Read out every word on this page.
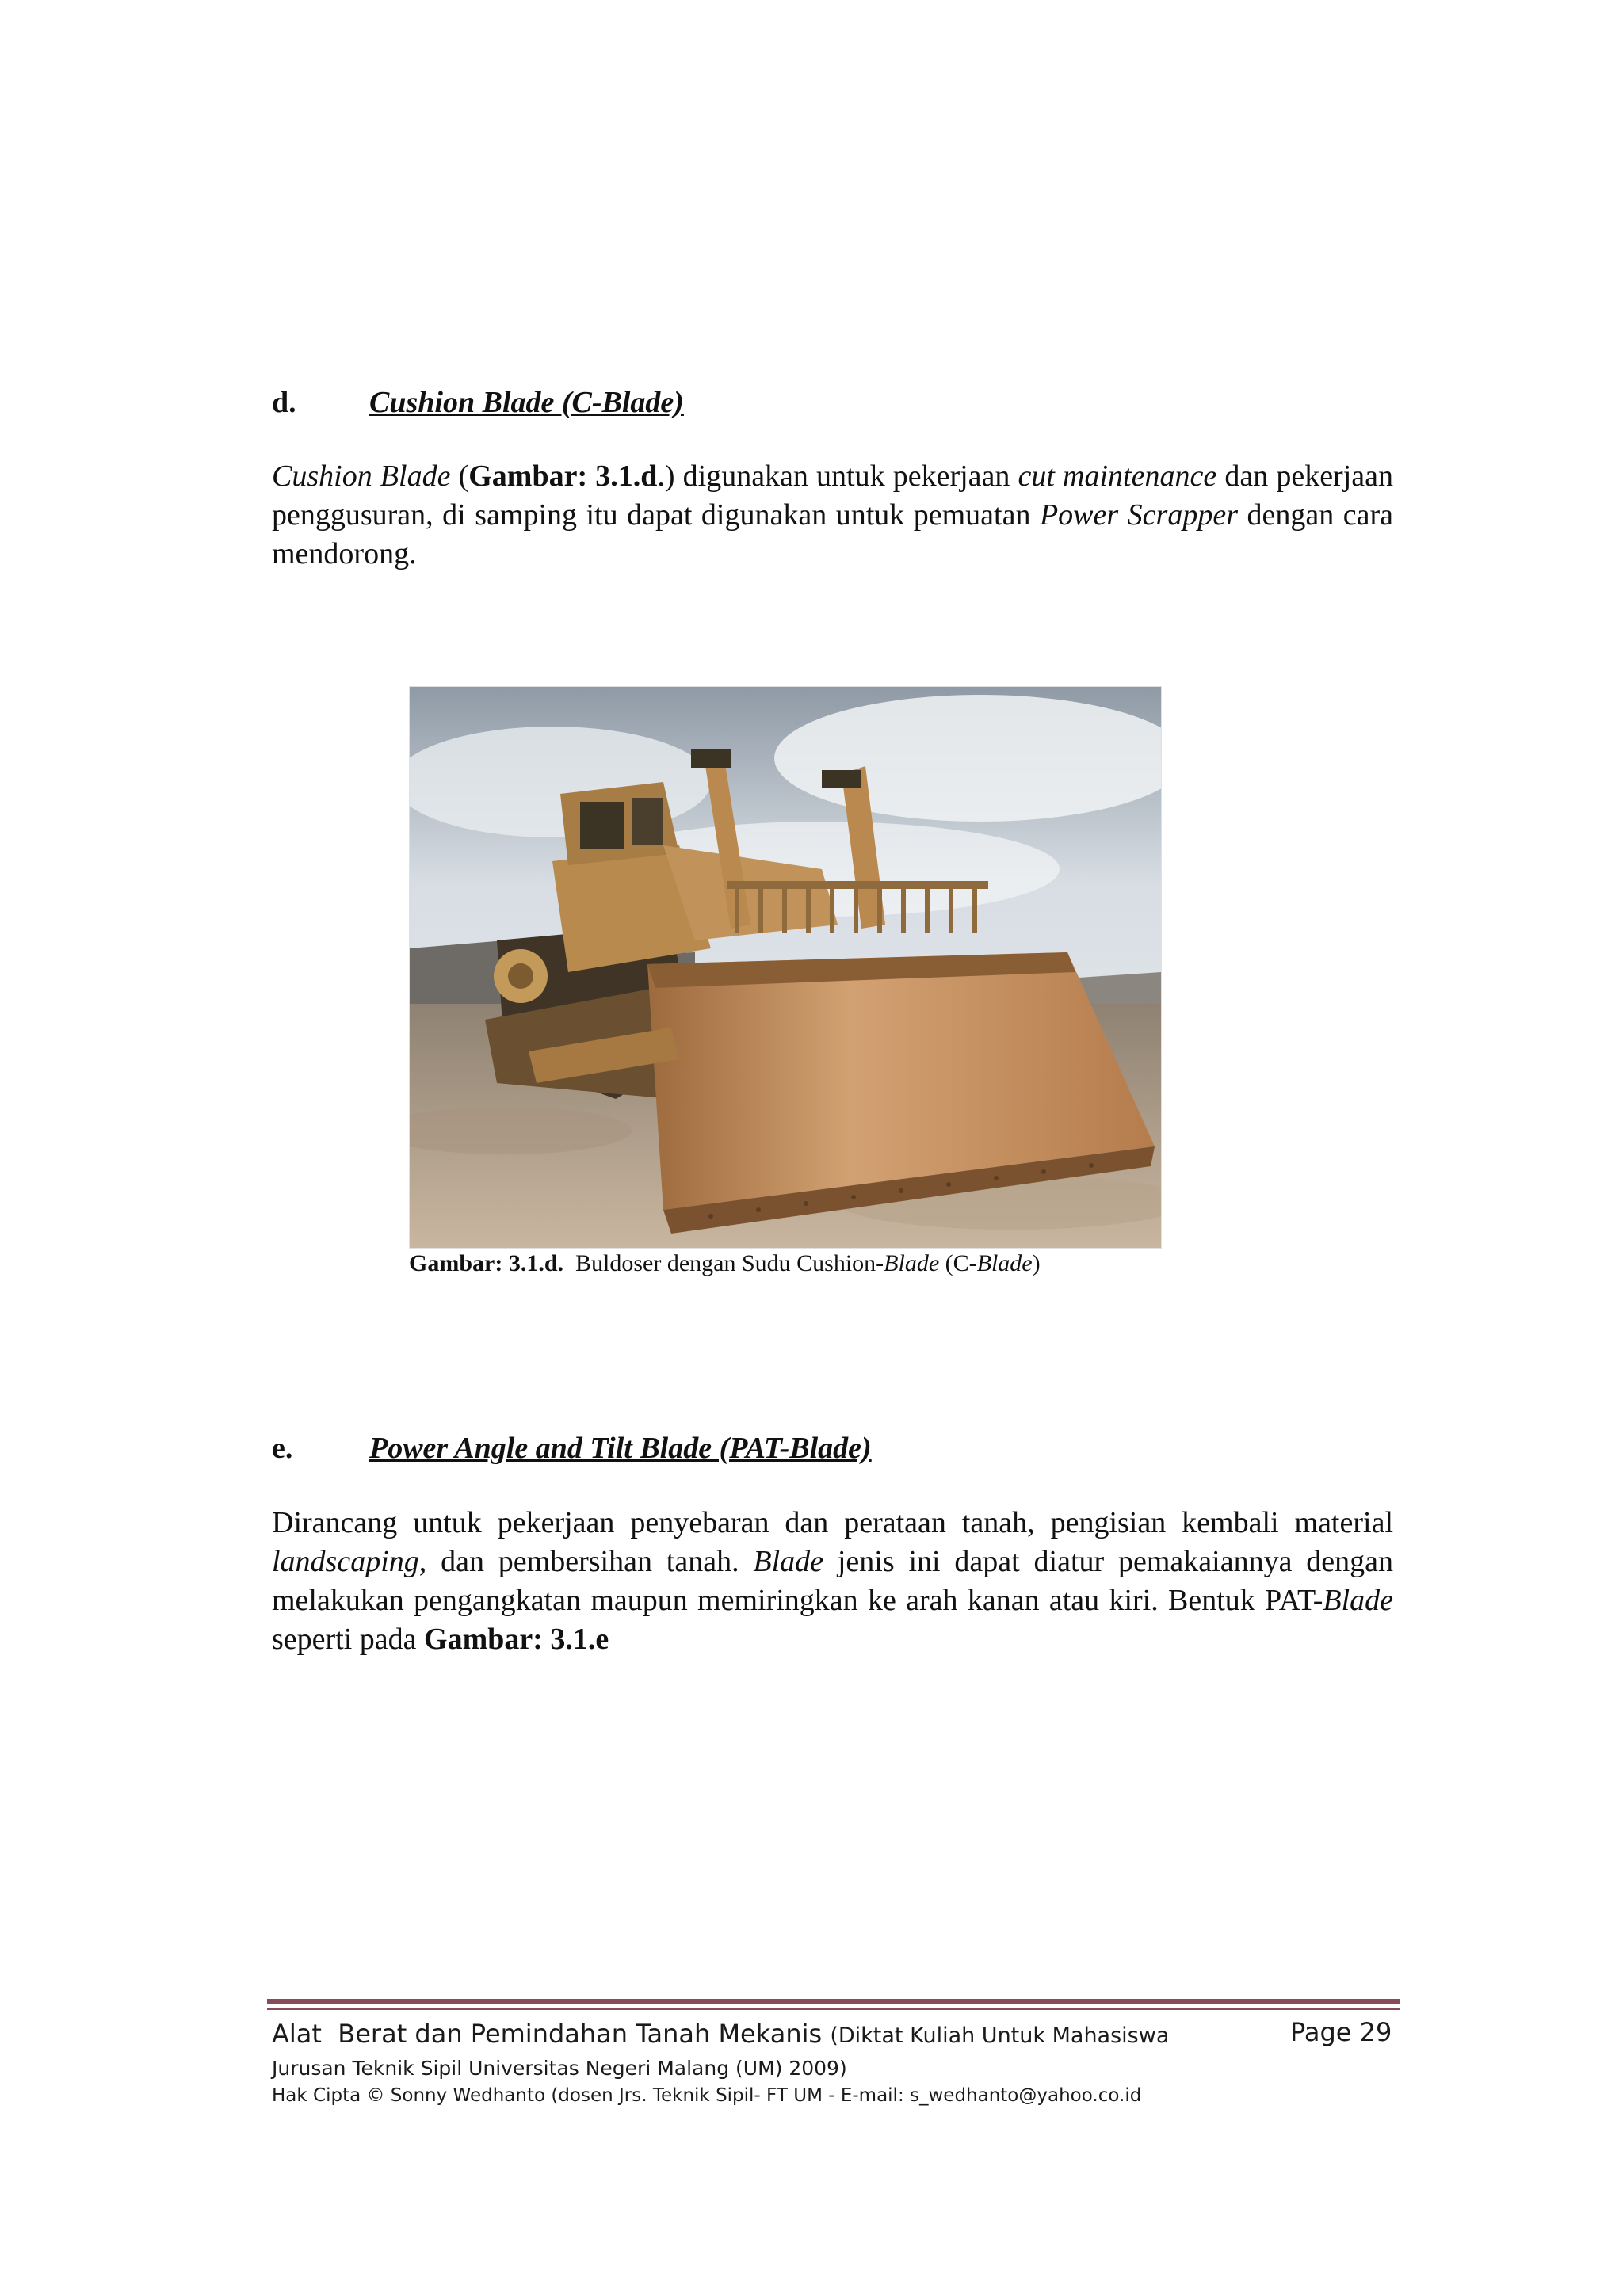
d. Cushion Blade (C-Blade)
Cushion Blade (Gambar: 3.1.d.) digunakan untuk pekerjaan cut maintenance dan pekerjaan penggusuran, di samping itu dapat digunakan untuk pemuatan Power Scrapper dengan cara mendorong.
Gambar: 3.1.d.  Buldoser dengan Sudu Cushion-Blade (C-Blade)
e.	Power Angle and Tilt Blade (PAT-Blade)
Dirancang untuk pekerjaan penyebaran dan perataan tanah, pengisian kembali material landscaping, dan pembersihan tanah. Blade jenis ini dapat diatur pemakaiannya dengan melakukan pengangkatan maupun memiringkan ke arah kanan atau kiri. Bentuk PAT-Blade seperti pada Gambar: 3.1.e
Alat  Berat dan Pemindahan Tanah Mekanis (Diktat Kuliah Untuk Mahasiswa	Page 29
Jurusan Teknik Sipil Universitas Negeri Malang (UM) 2009)
Hak Cipta © Sonny Wedhanto (dosen Jrs. Teknik Sipil- FT UM - E-mail: s_wedhanto@yahoo.co.id
